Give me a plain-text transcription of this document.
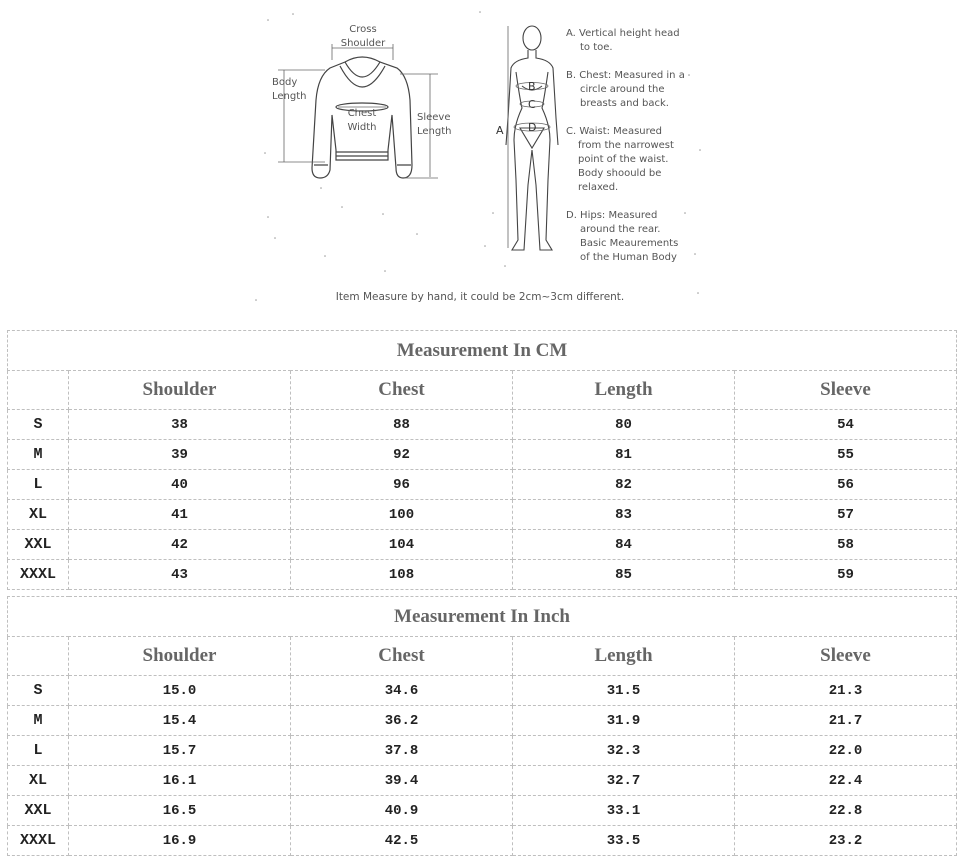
Cross
Shoulder
Body
Length
Chest
Width
Sleeve
Length	A
B
C
D
A. Vertical height head
to toe.
B. Chest: Measured in a
circle around the
breasts and back.
C. Waist: Measured
from the narrowest
point of the waist.
Body shoould be
relaxed.
D. Hips: Measured
around the rear.
Basic Meaurements
of the Human Body
Item Measure by hand, it could be 2cm~3cm different.
Measurement In CM				
	Shoulder	Chest	Length	Sleeve
S	38	88	80	54
M	39	92	81	55
L	40	96	82	56
XL	41	100	83	57
XXL	42	104	84	58
XXXL	43	108	85	59
Measurement In Inch				
	Shoulder	Chest	Length	Sleeve
S	15.0	34.6	31.5	21.3
M	15.4	36.2	31.9	21.7
L	15.7	37.8	32.3	22.0
XL	16.1	39.4	32.7	22.4
XXL	16.5	40.9	33.1	22.8
XXXL	16.9	42.5	33.5	23.2
